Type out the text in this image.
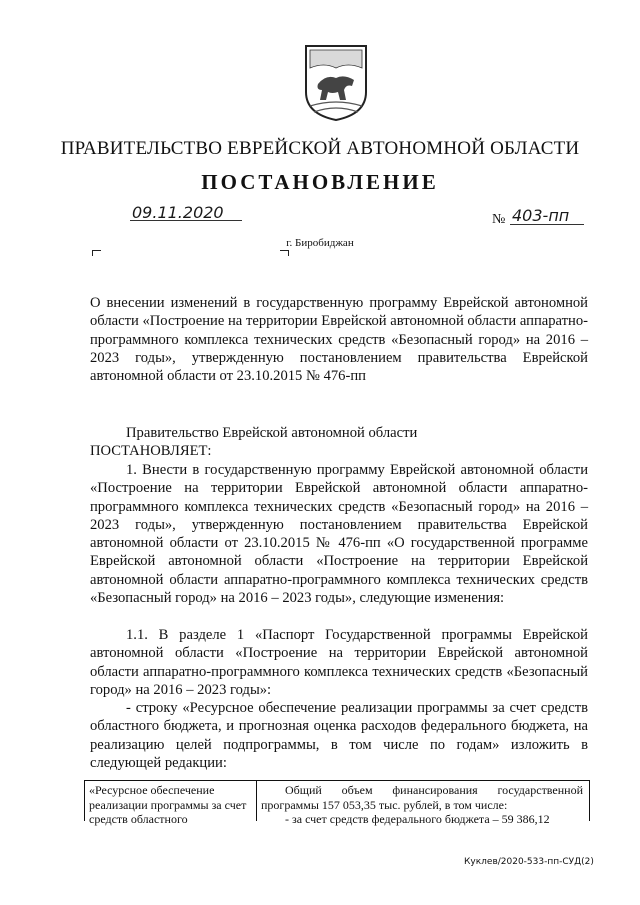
ПРАВИТЕЛЬСТВО ЕВРЕЙСКОЙ АВТОНОМНОЙ ОБЛАСТИ
ПОСТАНОВЛЕНИЕ
09.11.2020	№ 403-пп
г. Биробиджан
О внесении изменений в государственную программу Еврейской автономной области «Построение на территории Еврейской автономной области аппаратно-программного комплекса технических средств «Безопасный город» на 2016 – 2023 годы», утвержденную постановлением правительства Еврейской автономной области от 23.10.2015 № 476-пп
Правительство Еврейской автономной области
ПОСТАНОВЛЯЕТ:
1. Внести в государственную программу Еврейской автономной области «Построение на территории Еврейской автономной области аппаратно-программного комплекса технических средств «Безопасный город» на 2016 – 2023 годы», утвержденную постановлением правительства Еврейской автономной области от 23.10.2015 № 476-пп «О государственной программе Еврейской автономной области «Построение на территории Еврейской автономной области аппаратно-программного комплекса технических средств «Безопасный город» на 2016 – 2023 годы», следующие изменения:
1.1. В разделе 1 «Паспорт Государственной программы Еврейской автономной области «Построение на территории Еврейской автономной области аппаратно-программного комплекса технических средств «Безопасный город» на 2016 – 2023 годы»:
- строку «Ресурсное обеспечение реализации программы за счет средств областного бюджета, и прогнозная оценка расходов федерального бюджета, на реализацию целей подпрограммы, в том числе по годам» изложить в следующей редакции:
«Ресурсное обеспечение реализации программы за счет средств областного
Общий объем финансирования государственной программы 157 053,35 тыс. рублей, в том числе:
- за счет средств федерального бюджета – 59 386,12
Куклев/2020-533-пп-СУД(2)
